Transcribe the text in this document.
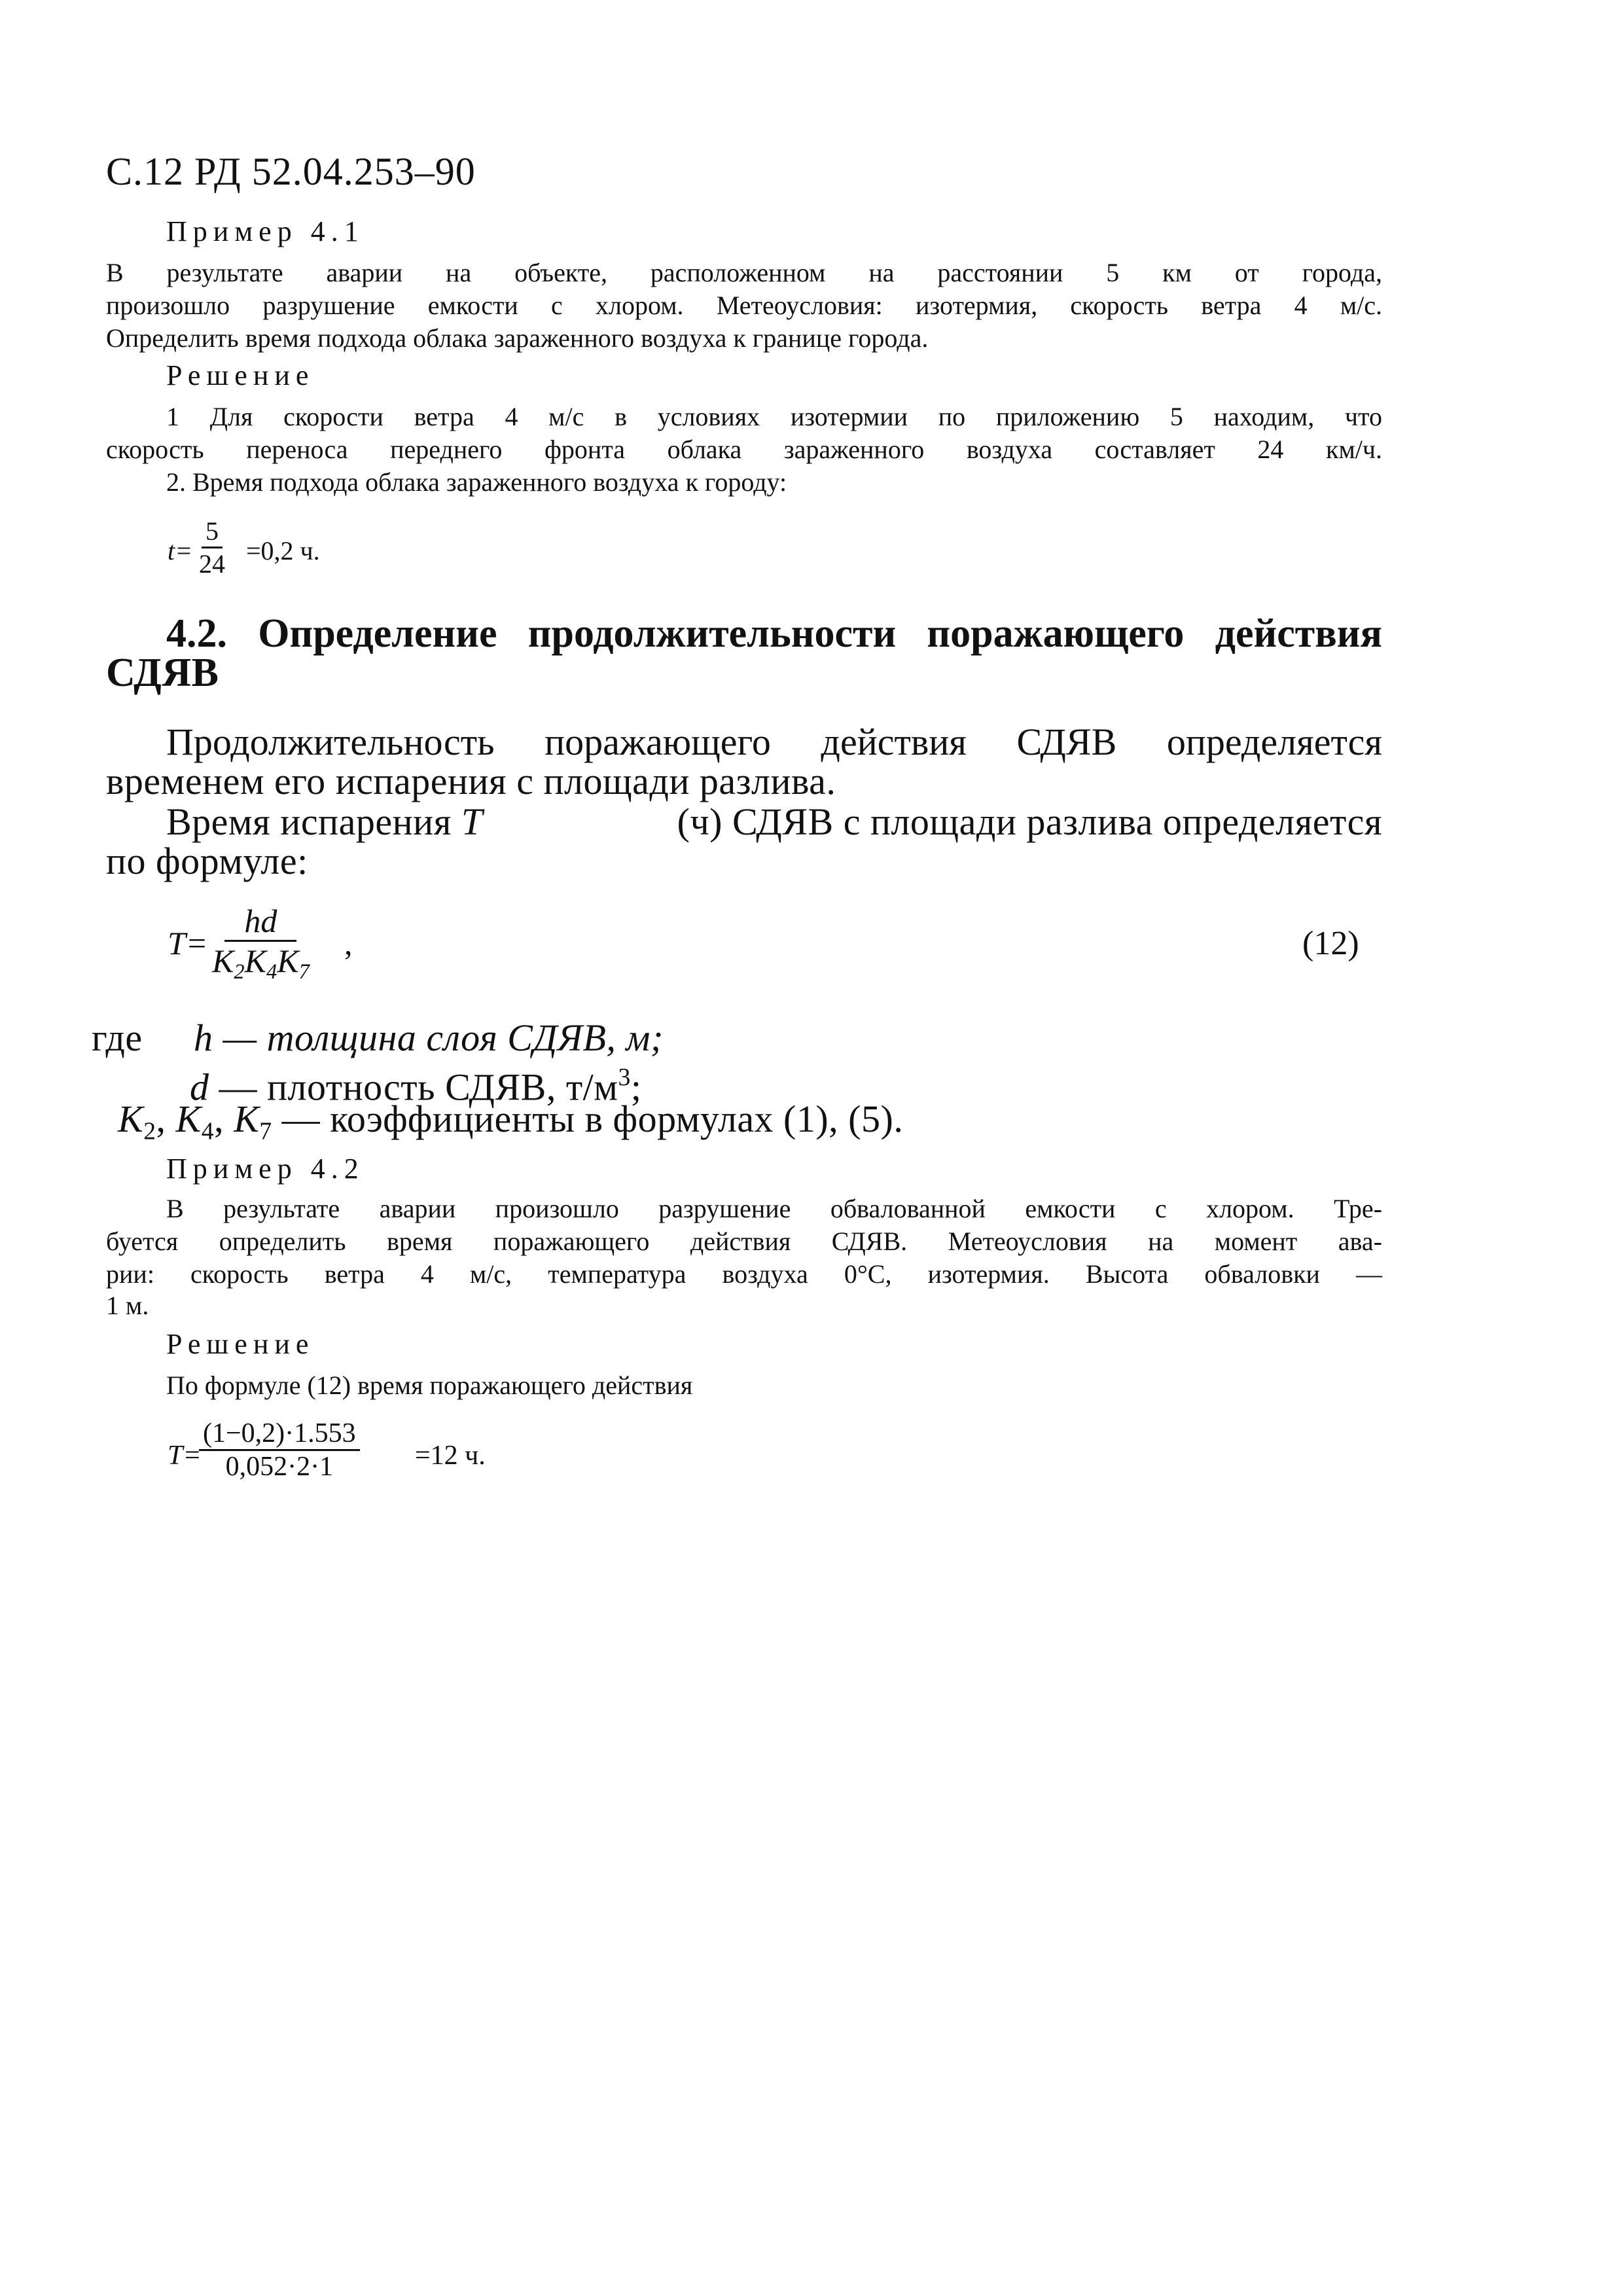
С.12 РД 52.04.253–90
Пример 4.1
В результате аварии на объекте, расположенном на расстоянии 5 км от города,
произошло разрушение емкости с хлором. Метеоусловия: изотермия, скорость ветра 4 м/с.
Определить время подхода облака зараженного воздуха к границе города.
Решение
1 Для скорости ветра 4 м/с в условиях изотермии по приложению 5 находим, что
скорость переноса переднего фронта облака зараженного воздуха составляет 24 км/ч.
2. Время подхода облака зараженного воздуха к городу:
$t= \frac{5}{24} =0,2$ ч.
4.2. Определение продолжительности поражающего действия
СДЯВ
Продолжительность поражающего действия СДЯВ определяется
временем его испарения с площади разлива.
Время испарения T	(ч) СДЯВ с площади разлива определяется
по формуле:
$T= \frac{hd}{K_2K_4K_7}$ ,	(12)
где h — толщина слоя СДЯВ, м;
d — плотность СДЯВ, $т/м^3$;
$K_2$, $K_4$, $K_7$ — коэффициенты в формулах (1), (5).
Пример 4.2
В результате аварии произошло разрушение обвалованной емкости с хлором. Тре-
буется определить время поражающего действия СДЯВ. Метеоусловия на момент ава-
рии: скорость ветра 4 м/с, температура воздуха 0°С, изотермия. Высота обваловки —
1 м.
Решение
По формуле (12) время поражающего действия
T=
$\frac{(1-0,2)\cdot 1.553}{0,052\cdot 2\cdot 1} =12$ ч.
